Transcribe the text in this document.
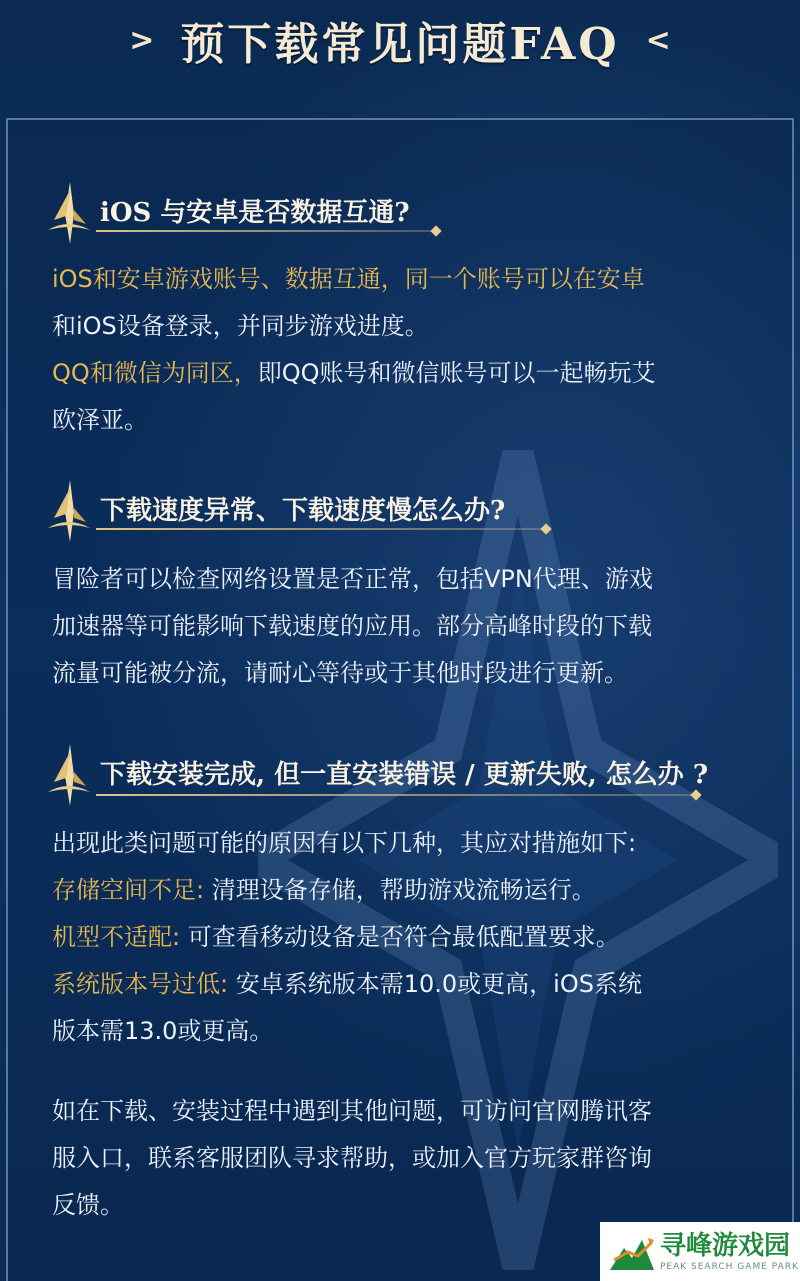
> 预下载常见问题FAQ <
iOS 与安卓是否数据互通?
iOS和安卓游戏账号、数据互通，同一个账号可以在安卓
和iOS设备登录，并同步游戏进度。
QQ和微信为同区，即QQ账号和微信账号可以一起畅玩艾
欧泽亚。
下载速度异常、下载速度慢怎么办?
冒险者可以检查网络设置是否正常，包括VPN代理、游戏
加速器等可能影响下载速度的应用。部分高峰时段的下载
流量可能被分流，请耐心等待或于其他时段进行更新。
下载安装完成, 但一直安装错误 / 更新失败, 怎么办 ?
出现此类问题可能的原因有以下几种，其应对措施如下:
存储空间不足: 清理设备存储，帮助游戏流畅运行。
机型不适配: 可查看移动设备是否符合最低配置要求。
系统版本号过低: 安卓系统版本需10.0或更高，iOS系统
版本需13.0或更高。
如在下载、安装过程中遇到其他问题，可访问官网腾讯客
服入口，联系客服团队寻求帮助，或加入官方玩家群咨询
反馈。
寻峰游戏园
PEAK SEARCH GAME PARK
